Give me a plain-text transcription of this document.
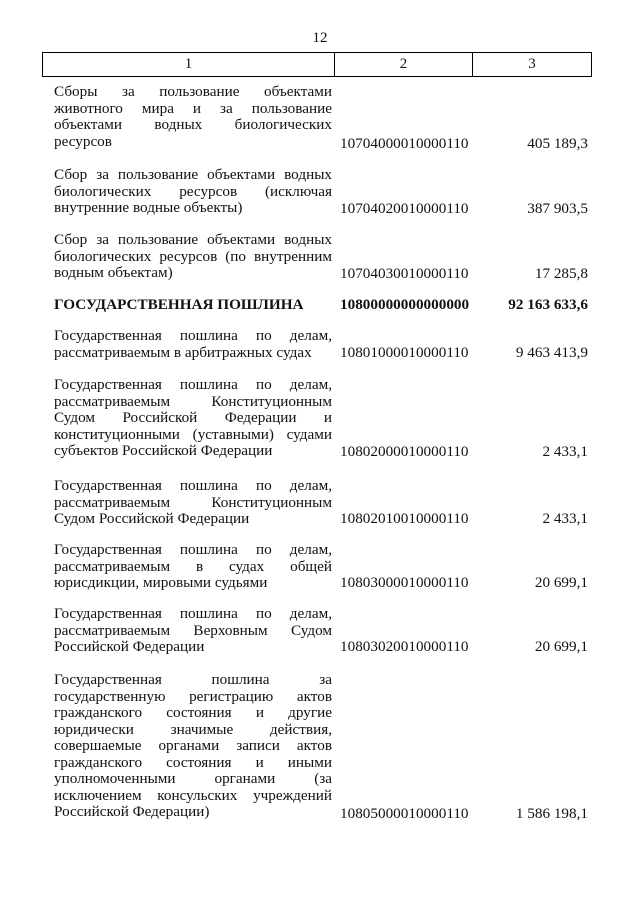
12
1	2	3
Сборы за пользование объектами животного мира и за пользование объектами водных биологических ресурсов	10704000010000110	405 189,3
Сбор за пользование объектами водных биологических ресурсов (исключая внутренние водные объекты)	10704020010000110	387 903,5
Сбор за пользование объектами водных биологических ресурсов (по внутренним водным объектам)	10704030010000110	17 285,8
ГОСУДАРСТВЕННАЯ ПОШЛИНА	10800000000000000	92 163 633,6
Государственная пошлина по делам, рассматриваемым в арбитражных судах	10801000010000110	9 463 413,9
Государственная пошлина по делам, рассматриваемым Конституционным Судом Российской Федерации и конституционными (уставными) судами субъектов Российской Федерации	10802000010000110	2 433,1
Государственная пошлина по делам, рассматриваемым Конституционным Судом Российской Федерации	10802010010000110	2 433,1
Государственная пошлина по делам, рассматриваемым в судах общей юрисдикции, мировыми судьями	10803000010000110	20 699,1
Государственная пошлина по делам, рассматриваемым Верховным Судом Российской Федерации	10803020010000110	20 699,1
Государственная пошлина за государственную регистрацию актов гражданского состояния и другие юридически значимые действия, совершаемые органами записи актов гражданского состояния и иными уполномоченными органами (за исключением консульских учреждений Российской Федерации)	10805000010000110	1 586 198,1
